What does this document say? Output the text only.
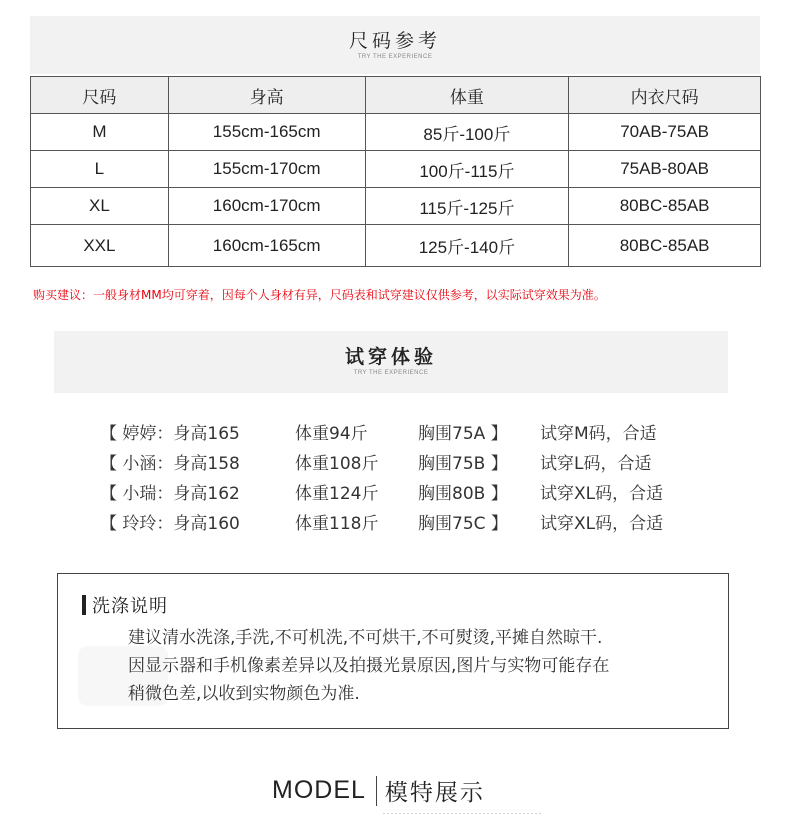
尺码参考
TRY THE EXPERIENCE
尺码	身高	体重	内衣尺码
M	155cm-165cm	85斤-100斤	70AB-75AB
L	155cm-170cm	100斤-115斤	75AB-80AB
XL	160cm-170cm	115斤-125斤	80BC-85AB
XXL	160cm-165cm	125斤-140斤	80BC-85AB
购买建议：一般身材MM均可穿着，因每个人身材有异，尺码表和试穿建议仅供参考，以实际试穿效果为准。
试穿体验
TRY THE EXPERIENCE
【 婷婷：身高165	体重94斤	胸围75A 】 试穿M码，合适
【 小涵：身高158	体重108斤 胸围75B 】 试穿L码，合适
【 小瑞：身高162	体重124斤 胸围80B 】 试穿XL码，合适
【 玲玲：身高160	体重118斤 胸围75C 】 试穿XL码，合适
洗涤说明
建议清水洗涤,手洗,不可机洗,不可烘干,不可熨烫,平摊自然晾干.
因显示器和手机像素差异以及拍摄光景原因,图片与实物可能存在
稍微色差,以收到实物颜色为准.
MODEL 模特展示
